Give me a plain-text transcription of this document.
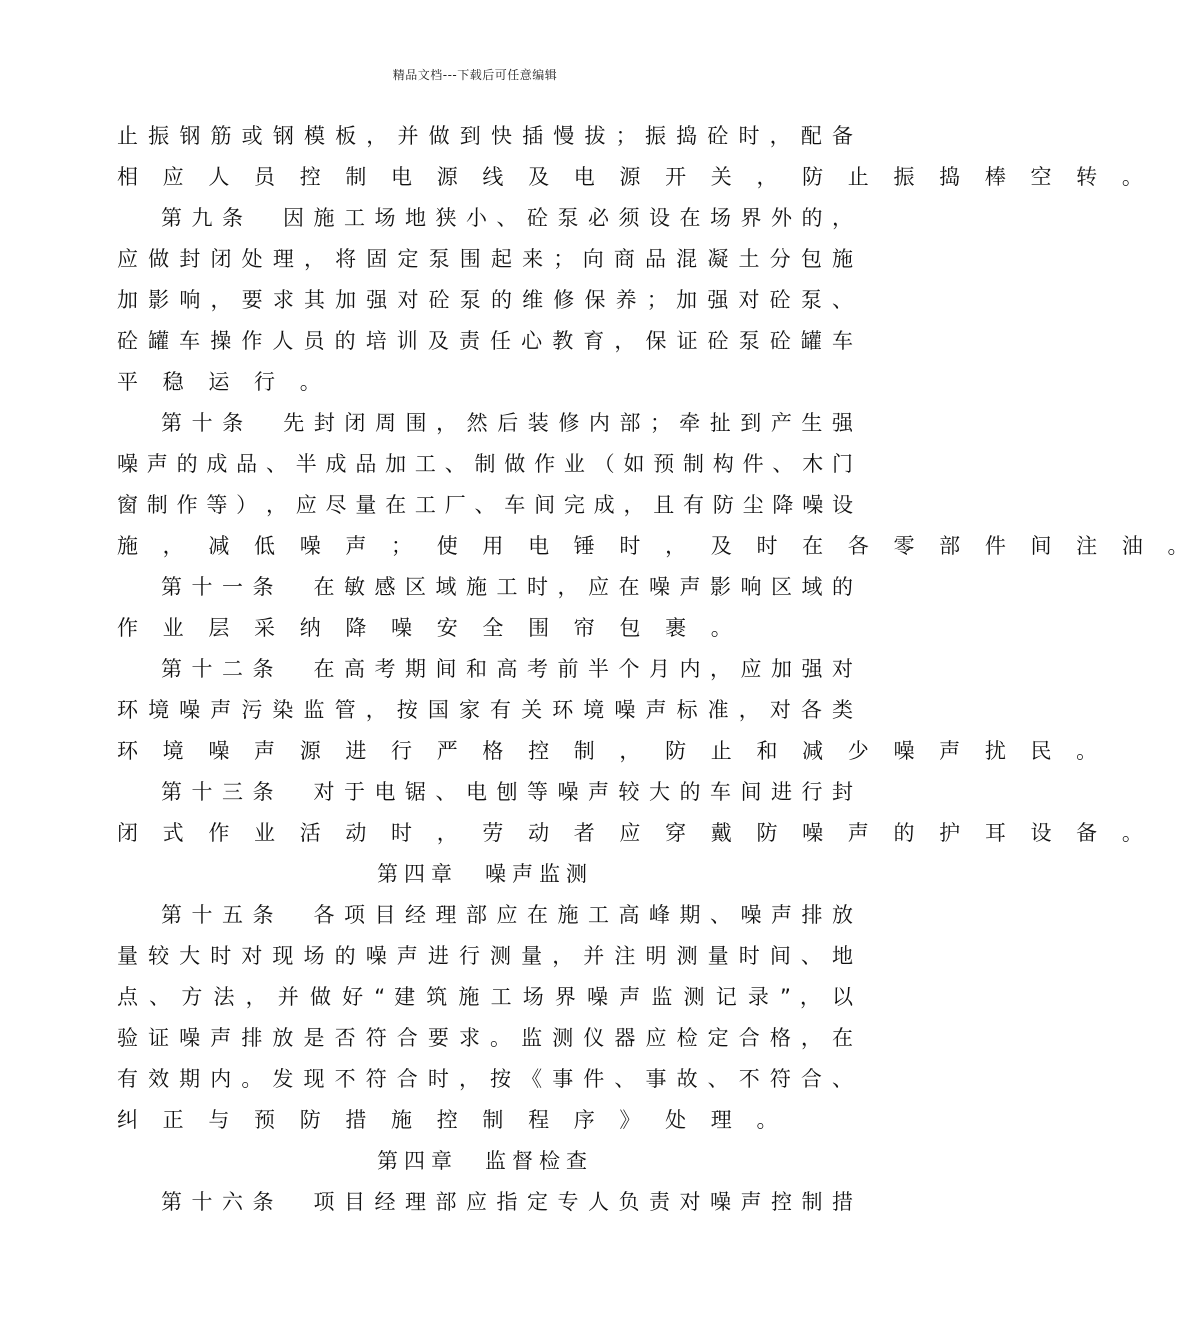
精品文档---下载后可任意编辑
止 振 钢 筋 或 钢 模 板 ， 并 做 到 快 插 慢 拔 ； 振 捣 砼 时 ， 配 备
相 应 人 员 控 制 电 源 线 及 电 源 开 关 ， 防 止 振 捣 棒 空 转 。
第 九 条 　 因 施 工 场 地 狭 小 、 砼 泵 必 须 设 在 场 界 外 的 ，
应 做 封 闭 处 理 ， 将 固 定 泵 围 起 来 ； 向 商 品 混 凝 土 分 包 施
加 影 响 ， 要 求 其 加 强 对 砼 泵 的 维 修 保 养 ； 加 强 对 砼 泵 、
砼 罐 车 操 作 人 员 的 培 训 及 责 任 心 教 育 ， 保 证 砼 泵 砼 罐 车
平 稳 运 行 。
第 十 条 　 先 封 闭 周 围 ， 然 后 装 修 内 部 ； 牵 扯 到 产 生 强
噪 声 的 成 品 、 半 成 品 加 工 、 制 做 作 业 （ 如 预 制 构 件 、 木 门
窗 制 作 等 ） ， 应 尽 量 在 工 厂 、 车 间 完 成 ， 且 有 防 尘 降 噪 设
施 ， 减 低 噪 声 ； 使 用 电 锤 时 ， 及 时 在 各 零 部 件 间 注 油 。
第 十 一 条 　 在 敏 感 区 域 施 工 时 ， 应 在 噪 声 影 响 区 域 的
作 业 层 采 纳 降 噪 安 全 围 帘 包 裹 。
第 十 二 条 　 在 高 考 期 间 和 高 考 前 半 个 月 内 ， 应 加 强 对
环 境 噪 声 污 染 监 管 ， 按 国 家 有 关 环 境 噪 声 标 准 ， 对 各 类
环 境 噪 声 源 进 行 严 格 控 制 ， 防 止 和 减 少 噪 声 扰 民 。
第 十 三 条 　 对 于 电 锯 、 电 刨 等 噪 声 较 大 的 车 间 进 行 封
闭 式 作 业 活 动 时 ， 劳 动 者 应 穿 戴 防 噪 声 的 护 耳 设 备 。
第四章　噪声监测
第 十 五 条 　 各 项 目 经 理 部 应 在 施 工 高 峰 期 、 噪 声 排 放
量 较 大 时 对 现 场 的 噪 声 进 行 测 量 ， 并 注 明 测 量 时 间 、 地
点 、 方 法 ， 并 做 好 “ 建 筑 施 工 场 界 噪 声 监 测 记 录 ” ， 以
验 证 噪 声 排 放 是 否 符 合 要 求 。 监 测 仪 器 应 检 定 合 格 ， 在
有 效 期 内 。 发 现 不 符 合 时 ， 按 《 事 件 、 事 故 、 不 符 合 、
纠 正 与 预 防 措 施 控 制 程 序 》 处 理 。
第四章　监督检查
第 十 六 条 　 项 目 经 理 部 应 指 定 专 人 负 责 对 噪 声 控 制 措
